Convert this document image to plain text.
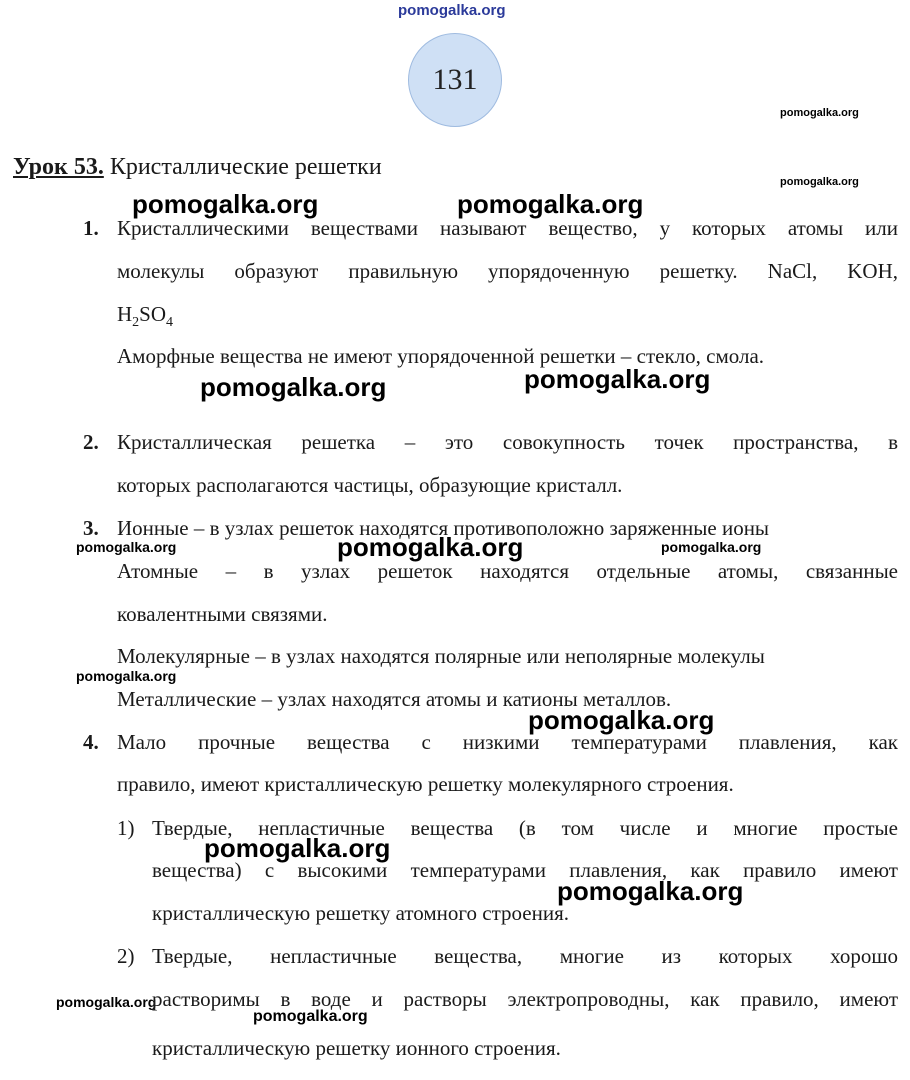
pomogalka.org
131
pomogalka.org
Урок 53. Кристаллические решетки
pomogalka.org
pomogalka.org	pomogalka.org
1. Кристаллическими веществами называют вещество, у которых атомы или
молекулы образуют правильную упорядоченную решетку. NaCl, KOH,
$H_2SO_4$
Аморфные вещества не имеют упорядоченной решетки – стекло, смола.
pomogalka.org	pomogalka.org
2. Кристаллическая решетка – это совокупность точек пространства, в
которых располагаются частицы, образующие кристалл.
3. Ионные – в узлах решеток находятся противоположно заряженные ионы
pomogalka.org	pomogalka.org	pomogalka.org
Атомные – в узлах решеток находятся отдельные атомы, связанные
ковалентными связями.
Молекулярные – в узлах находятся полярные или неполярные молекулы
pomogalka.org
Металлические – узлах находятся атомы и катионы металлов.
pomogalka.org
4. Мало прочные вещества с низкими температурами плавления, как
правило, имеют кристаллическую решетку молекулярного строения.
1) Твердые, непластичные вещества (в том числе и многие простые
pomogalka.org
вещества) с высокими температурами плавления, как правило имеют
pomogalka.org
кристаллическую решетку атомного строения.
2) Твердые, непластичные вещества, многие из которых хорошо
pomogalka.org
растворимы в воде и растворы электропроводны, как правило, имеют
pomogalka.org
кристаллическую решетку ионного строения.
